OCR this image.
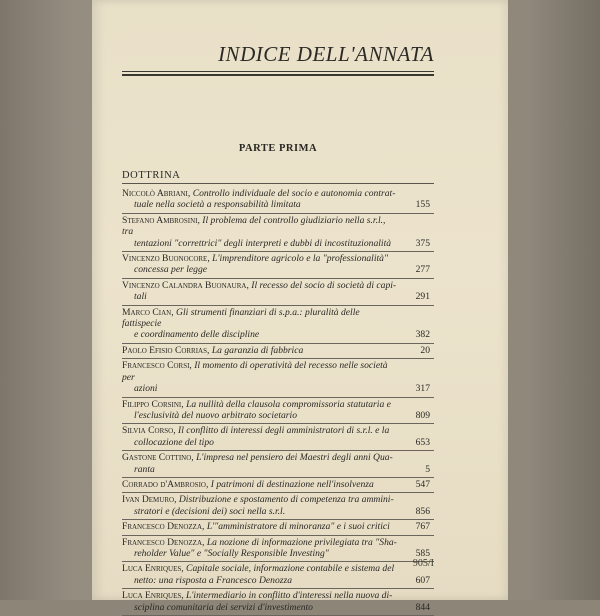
INDICE DELL'ANNATA
PARTE PRIMA
DOTTRINA
Niccolò Abriani, Controllo individuale del socio e autonomia contrat-
tuale nella società a responsabilità limitata	155
Stefano Ambrosini, Il problema del controllo giudiziario nella s.r.l., tra
tentazioni "correttrici" degli interpreti e dubbi di incostituzionalità	375
Vincenzo Buonocore, L'imprenditore agricolo e la "professionalità"
concessa per legge	277
Vincenzo Calandra Buonaura, Il recesso del socio di società di capi-
tali	291
Marco Cian, Gli strumenti finanziari di s.p.a.: pluralità delle fattispecie
e coordinamento delle discipline	382
Paolo Efisio Corrias, La garanzia di fabbrica	20
Francesco Corsi, Il momento di operatività del recesso nelle società per
azioni	317
Filippo Corsini, La nullità della clausola compromissoria statutaria e
l'esclusività del nuovo arbitrato societario	809
Silvia Corso, Il conflitto di interessi degli amministratori di s.r.l. e la
collocazione del tipo	653
Gastone Cottino, L'impresa nel pensiero dei Maestri degli anni Qua-
ranta	5
Corrado d'Ambrosio, I patrimoni di destinazione nell'insolvenza	547
Ivan Demuro, Distribuzione e spostamento di competenza tra ammini-
stratori e (decisioni dei) soci nella s.r.l.	856
Francesco Denozza, L'"amministratore di minoranza" e i suoi critici	767
Francesco Denozza, La nozione di informazione privilegiata tra "Sha-
reholder Value" e "Socially Responsible Investing"	585
Luca Enriques, Capitale sociale, informazione contabile e sistema del
netto: una risposta a Francesco Denozza	607
Luca Enriques, L'intermediario in conflitto d'interessi nella nuova di-
sciplina comunitaria dei servizi d'investimento	844
905/I
